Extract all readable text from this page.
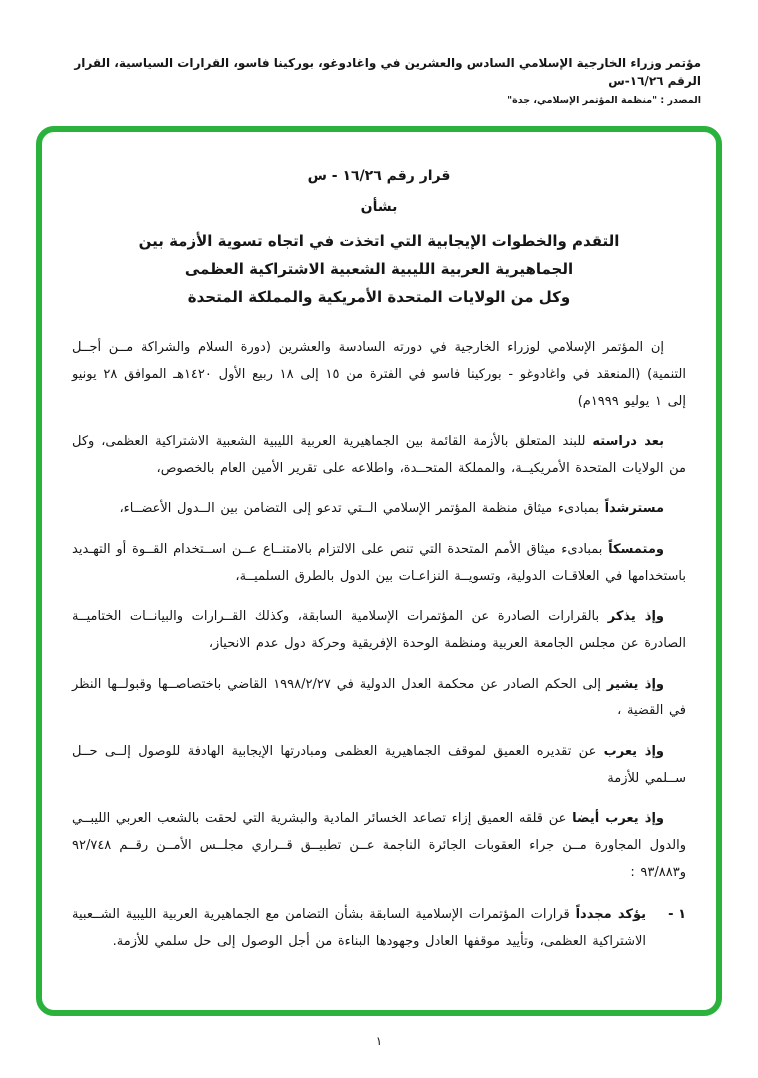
مؤتمر وزراء الخارجية الإسلامي السادس والعشرين في واغادوغو، بوركينا فاسو، القرارات السياسية، القرار الرقم ١٦/٢٦-س
المصدر : "منظمة المؤتمر الإسلامي، جدة"
قرار رقم ١٦/٢٦ - س
بشأن
التقدم والخطوات الإيجابية التي اتخذت في اتجاه تسوية الأزمة بين
الجماهيرية العربية الليبية الشعبية الاشتراكية العظمى
وكل من الولايات المتحدة الأمريكية والمملكة المتحدة

إن المؤتمر الإسلامي لوزراء الخارجية في دورته السادسة والعشرين (دورة السلام والشراكة مــن أجــل التنمية) (المنعقد في واغادوغو - بوركينا فاسو في الفترة من ١٥ إلى ١٨ ربيع الأول ١٤٢٠هـ الموافق ٢٨ يونيو إلى ١ يوليو ١٩٩٩م)

بعد دراسته للبند المتعلق بالأزمة القائمة بين الجماهيرية العربية الليبية الشعبية الاشتراكية العظمى، وكل من الولايات المتحدة الأمريكيــة، والمملكة المتحــدة، واطلاعه على تقرير الأمين العام بالخصوص،

مسترشداً بمبادىء ميثاق منظمة المؤتمر الإسلامي الــتي تدعو إلى التضامن بين الــدول الأعضــاء،

ومتمسكاً بمبادىء ميثاق الأمم المتحدة التي تنص على الالتزام بالامتنــاع عــن اســتخدام القــوة أو التهـديد باستخدامها في العلاقـات الدولية، وتسويــة النزاعـات بين الدول بالطرق السلميــة،

وإذ يذكر بالقرارات الصادرة عن المؤتمرات الإسلامية السابقة، وكذلك القــرارات والبيانــات الختاميــة الصادرة عن مجلس الجامعة العربية ومنظمة الوحدة الإفريقية وحركة دول عدم الانحياز،

وإذ يشير إلى الحكم الصادر عن محكمة العدل الدولية في ١٩٩٨/٢/٢٧ القاضي باختصاصــها وقبولــها النظر في القضية ،

وإذ يعرب عن تقديره العميق لموقف الجماهيرية العظمى ومبادرتها الإيجابية الهادفة للوصول إلــى حــل ســلمي للأزمة

وإذ يعرب أيضا عن قلقه العميق إزاء تصاعد الخسائر المادية والبشرية التي لحقت بالشعب العربي الليبــي والدول المجاورة مــن جراء العقوبات الجائرة الناجمة عــن تطبيــق قــراري مجلــس الأمــن رقــم ٩٢/٧٤٨ و٩٣/٨٨٣ :

١ -

يؤكد مجدداً قرارات المؤتمرات الإسلامية السابقة بشأن التضامن مع الجماهيرية العربية الليبية الشــعبية الاشتراكية العظمى، وتأييد موقفها العادل وجهودها البناءة من أجل الوصول إلى حل سلمي للأزمة.

١
